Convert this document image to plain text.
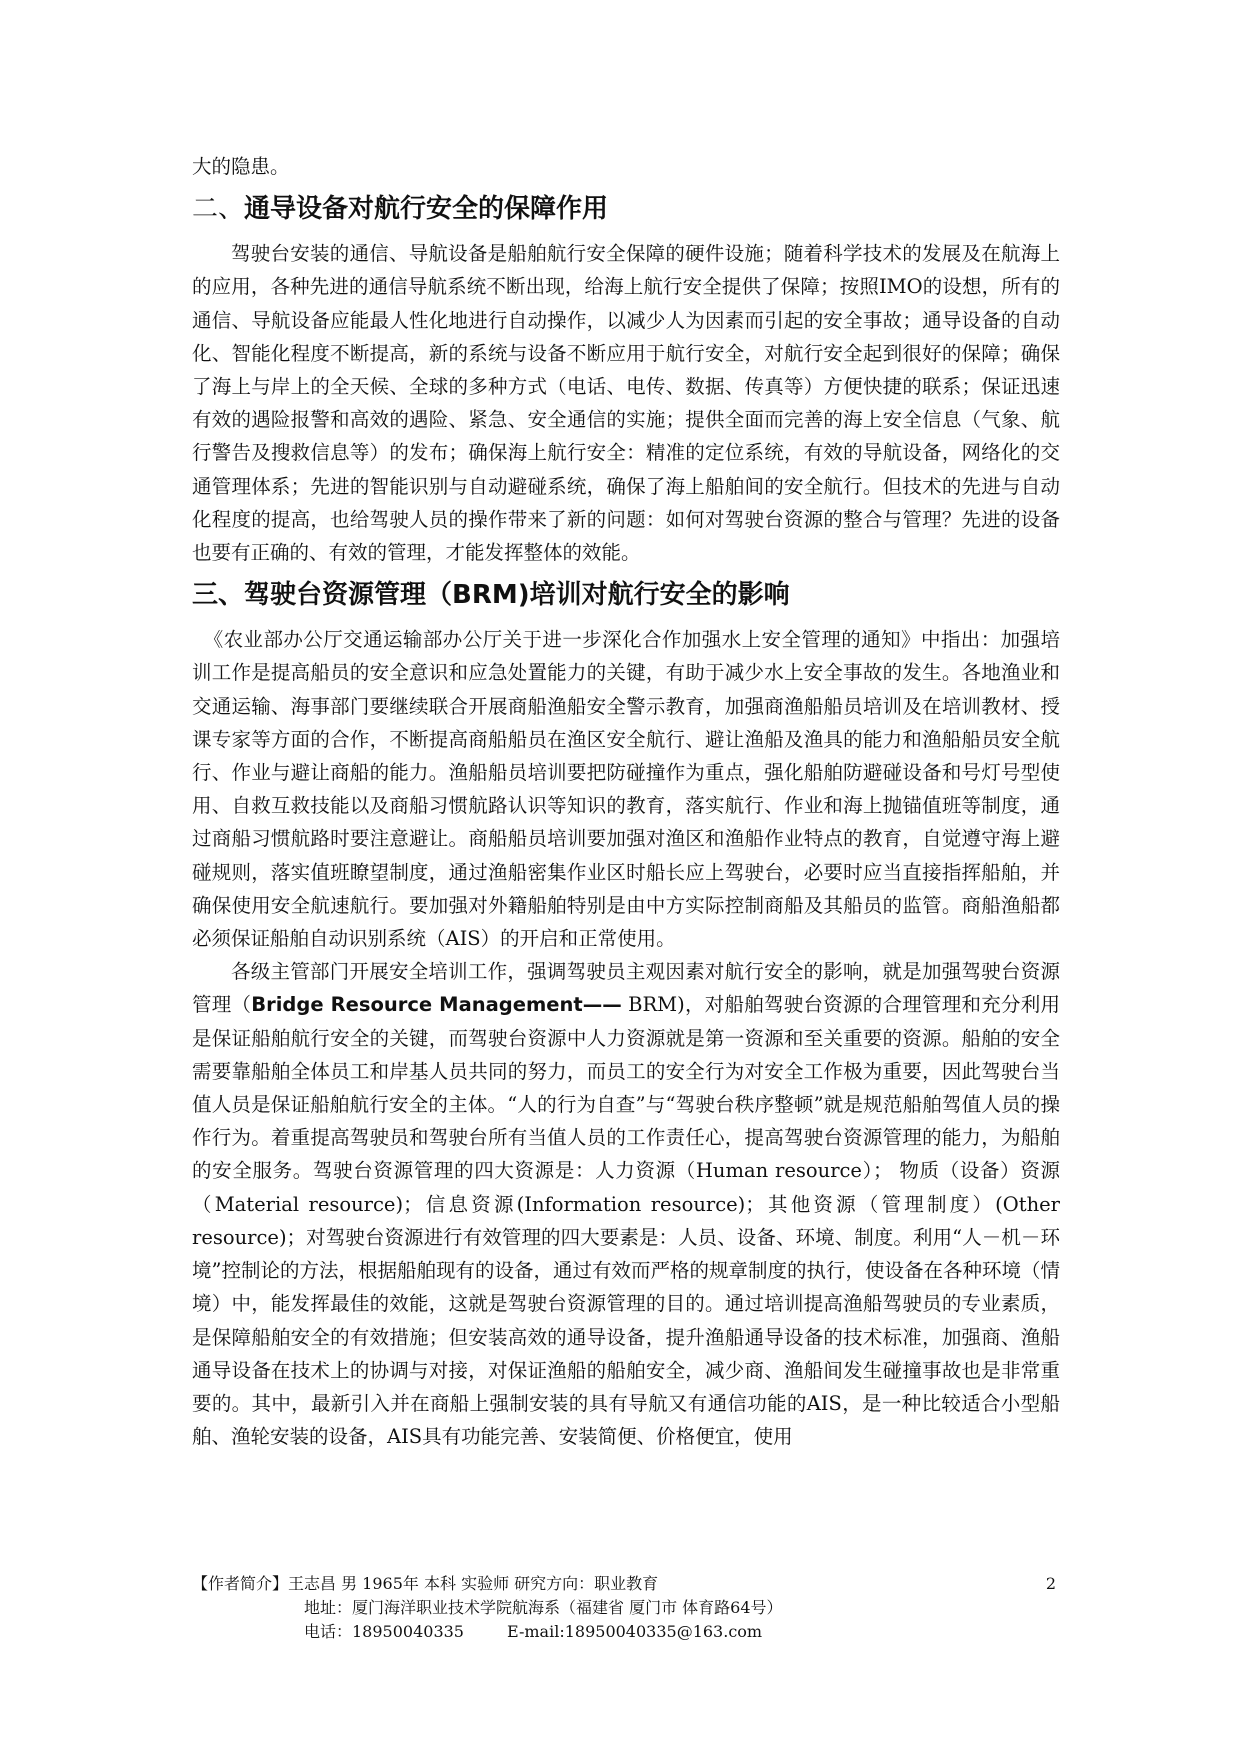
大的隐患。

二、通导设备对航行安全的保障作用

驾驶台安装的通信、导航设备是船舶航行安全保障的硬件设施；随着科学技术的发展及在航海上的应用，各种先进的通信导航系统不断出现，给海上航行安全提供了保障；按照IMO的设想，所有的通信、导航设备应能最人性化地进行自动操作，以减少人为因素而引起的安全事故；通导设备的自动化、智能化程度不断提高，新的系统与设备不断应用于航行安全，对航行安全起到很好的保障；确保了海上与岸上的全天候、全球的多种方式（电话、电传、数据、传真等）方便快捷的联系；保证迅速有效的遇险报警和高效的遇险、紧急、安全通信的实施；提供全面而完善的海上安全信息（气象、航行警告及搜救信息等）的发布；确保海上航行安全：精准的定位系统，有效的导航设备，网络化的交通管理体系；先进的智能识别与自动避碰系统，确保了海上船舶间的安全航行。但技术的先进与自动化程度的提高，也给驾驶人员的操作带来了新的问题：如何对驾驶台资源的整合与管理？先进的设备也要有正确的、有效的管理，才能发挥整体的效能。

三、驾驶台资源管理（BRM)培训对航行安全的影响

《农业部办公厅交通运输部办公厅关于进一步深化合作加强水上安全管理的通知》中指出：加强培训工作是提高船员的安全意识和应急处置能力的关键，有助于减少水上安全事故的发生。各地渔业和交通运输、海事部门要继续联合开展商船渔船安全警示教育，加强商渔船船员培训及在培训教材、授课专家等方面的合作，不断提高商船船员在渔区安全航行、避让渔船及渔具的能力和渔船船员安全航行、作业与避让商船的能力。渔船船员培训要把防碰撞作为重点，强化船舶防避碰设备和号灯号型使用、自救互救技能以及商船习惯航路认识等知识的教育，落实航行、作业和海上抛锚值班等制度，通过商船习惯航路时要注意避让。商船船员培训要加强对渔区和渔船作业特点的教育，自觉遵守海上避碰规则，落实值班瞭望制度，通过渔船密集作业区时船长应上驾驶台，必要时应当直接指挥船舶，并确保使用安全航速航行。要加强对外籍船舶特别是由中方实际控制商船及其船员的监管。商船渔船都必须保证船舶自动识别系统（AIS）的开启和正常使用。

各级主管部门开展安全培训工作，强调驾驶员主观因素对航行安全的影响，就是加强驾驶台资源管理（Bridge Resource Management—— BRM)，对船舶驾驶台资源的合理管理和充分利用是保证船舶航行安全的关键，而驾驶台资源中人力资源就是第一资源和至关重要的资源。船舶的安全需要靠船舶全体员工和岸基人员共同的努力，而员工的安全行为对安全工作极为重要，因此驾驶台当值人员是保证船舶航行安全的主体。“人的行为自查”与“驾驶台秩序整顿”就是规范船舶驾值人员的操作行为。着重提高驾驶员和驾驶台所有当值人员的工作责任心，提高驾驶台资源管理的能力，为船舶的安全服务。驾驶台资源管理的四大资源是：人力资源（Human resource）； 物质（设备）资源（Material resource)；信息资源(Information resource)；其他资源（管理制度）(Other resource)；对驾驶台资源进行有效管理的四大要素是：人员、设备、环境、制度。利用“人－机－环境”控制论的方法，根据船舶现有的设备，通过有效而严格的规章制度的执行，使设备在各种环境（情境）中，能发挥最佳的效能，这就是驾驶台资源管理的目的。通过培训提高渔船驾驶员的专业素质，是保障船舶安全的有效措施；但安装高效的通导设备，提升渔船通导设备的技术标准，加强商、渔船通导设备在技术上的协调与对接，对保证渔船的船舶安全，减少商、渔船间发生碰撞事故也是非常重要的。其中，最新引入并在商船上强制安装的具有导航又有通信功能的AIS，是一种比较适合小型船舶、渔轮安装的设备，AIS具有功能完善、安装简便、价格便宜，使用

【作者简介】王志昌 男 1965年 本科 实验师 研究方向：职业教育	2
地址：厦门海洋职业技术学院航海系（福建省 厦门市 体育路64号）
电话：18950040335	E-mail:18950040335@163.com
